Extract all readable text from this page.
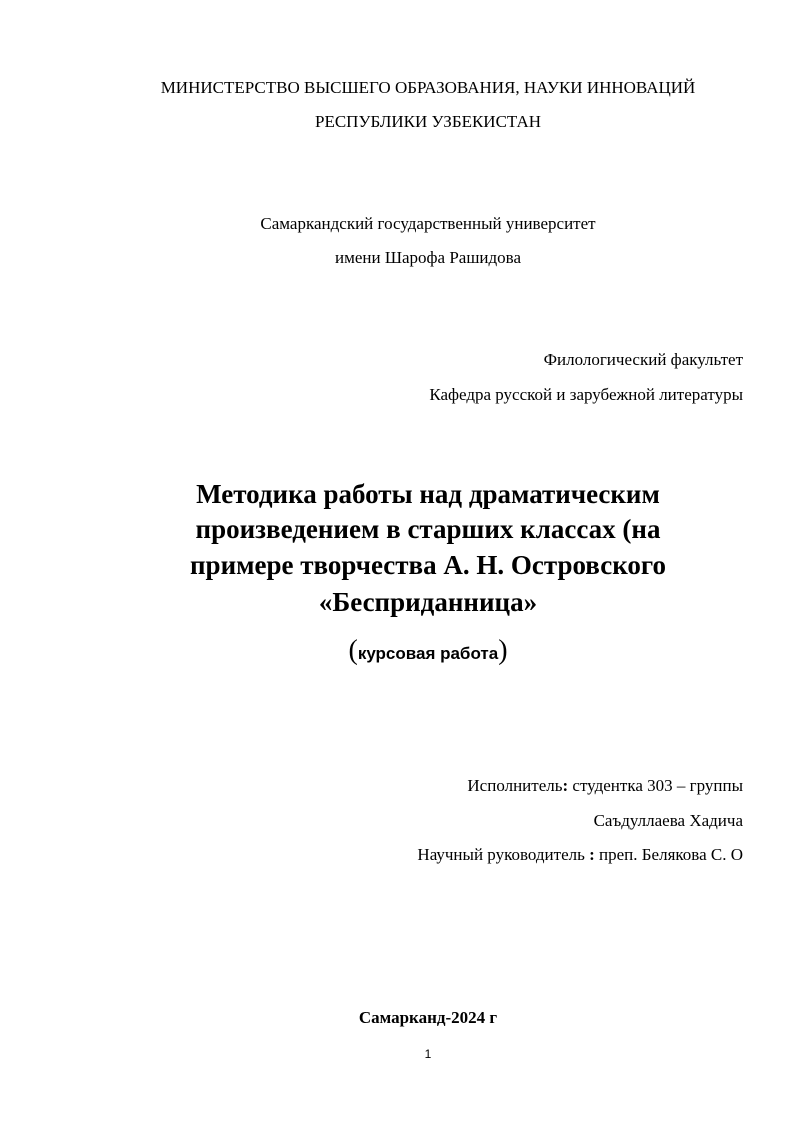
МИНИСТЕРСТВО ВЫСШЕГО ОБРАЗОВАНИЯ, НАУКИ ИННОВАЦИЙ
РЕСПУБЛИКИ УЗБЕКИСТАН
Самаркандский государственный университет
имени Шарофа Рашидова
Филологический факультет
Кафедра русской и зарубежной литературы
Методика работы над драматическим
произведением в старших классах (на
примере творчества А. Н. Островского
«Бесприданница»
(курсовая работа)
Исполнитель: студентка 303 – группы
Саъдуллаева Хадича
Научный руководитель : преп. Белякова С. О
Самарканд-2024 г
1
